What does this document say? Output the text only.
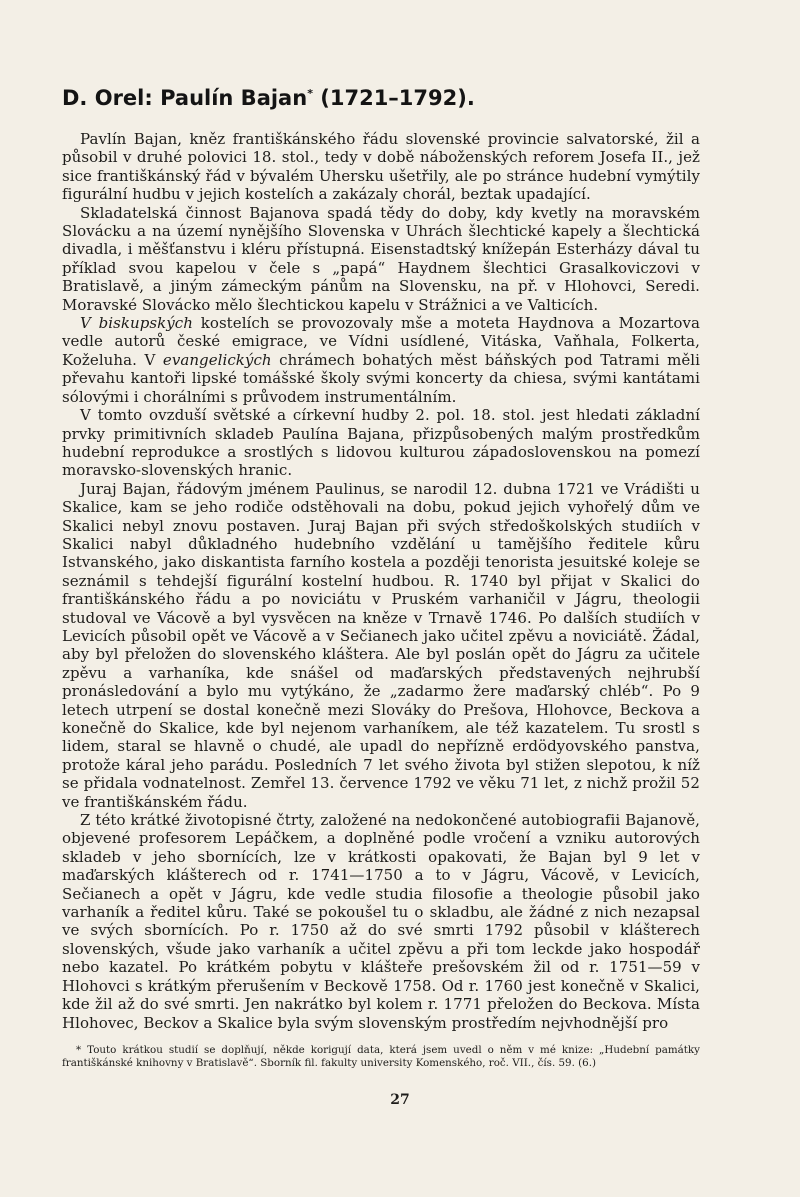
D. Orel: Paulín Bajan* (1721–1792).

Pavlín Bajan, kněz františkánského řádu slovenské provincie salvatorské, žil a působil v druhé polovici 18. stol., tedy v době náboženských reforem Josefa II., jež sice františkánský řád v bývalém Uhersku ušetřily, ale po stránce hudební vymýtily figurální hudbu v jejich kostelích a zakázaly chorál, beztak upadající.

Skladatelská činnost Bajanova spadá tědy do doby, kdy kvetly na moravském Slovácku a na území nynějšího Slovenska v Uhrách šlechtické kapely a šlechtická divadla, i měšťanstvu i kléru přístupná. Eisenstadtský knížepán Esterházy dával tu příklad svou kapelou v čele s „papá“ Haydnem šlechtici Grasalkoviczovi v Bratislavě, a jiným zámeckým pánům na Slovensku, na př. v Hlohovci, Seredi. Moravské Slovácko mělo šlechtickou kapelu v Strážnici a ve Valticích.

V biskupských kostelích se provozovaly mše a moteta Haydnova a Mozartova vedle autorů české emigrace, ve Vídni usídlené, Vitáska, Vaňhala, Folkerta, Koželuha. V evangelických chrámech bohatých měst báňských pod Tatrami měli převahu kantoři lipské tomášské školy svými koncerty da chiesa, svými kantátami sólovými i chorálními s průvodem instrumentálním.

V tomto ovzduší světské a církevní hudby 2. pol. 18. stol. jest hledati základní prvky primitivních skladeb Paulína Bajana, přizpůsobených malým prostředkům hudební reprodukce a srostlých s lidovou kulturou západoslovenskou na pomezí moravsko-slovenských hranic.

Juraj Bajan, řádovým jménem Paulinus, se narodil 12. dubna 1721 ve Vrádišti u Skalice, kam se jeho rodiče odstěhovali na dobu, pokud jejich vyhořelý dům ve Skalici nebyl znovu postaven. Juraj Bajan při svých středoškolských studiích v Skalici nabyl důkladného hudebního vzdělání u tamějšího ředitele kůru Istvanského, jako diskantista farního kostela a později tenorista jesuitské koleje se seznámil s tehdejší figurální kostelní hudbou. R. 1740 byl přijat v Skalici do františkánského řádu a po noviciátu v Pruském varhaničil v Jágru, theologii studoval ve Vácově a byl vysvěcen na kněze v Trnavě 1746. Po dalších studiích v Levicích působil opět ve Vácově a v Sečianech jako učitel zpěvu a noviciátě. Žádal, aby byl přeložen do slovenského kláštera. Ale byl poslán opět do Jágru za učitele zpěvu a varhaníka, kde snášel od maďarských představených nejhrubší pronásledování a bylo mu vytýkáno, že „zadarmo žere maďarský chléb“. Po 9 letech utrpení se dostal konečně mezi Slováky do Prešova, Hlohovce, Beckova a konečně do Skalice, kde byl nejenom varhaníkem, ale též kazatelem. Tu srostl s lidem, staral se hlavně o chudé, ale upadl do nepřízně erdödyovského panstva, protože káral jeho parádu. Posledních 7 let svého života byl stižen slepotou, k níž se přidala vodnatelnost. Zemřel 13. července 1792 ve věku 71 let, z nichž prožil 52 ve františkánském řádu.

Z této krátké životopisné čtrty, založené na nedokončené autobiografii Bajanově, objevené profesorem Lepáčkem, a doplněné podle vročení a vzniku autorových skladeb v jeho sbornících, lze v krátkosti opakovati, že Bajan byl 9 let v maďarských klášterech od r. 1741—1750 a to v Jágru, Vácově, v Levicích, Sečianech a opět v Jágru, kde vedle studia filosofie a theologie působil jako varhaník a ředitel kůru. Také se pokoušel tu o skladbu, ale žádné z nich nezapsal ve svých sbornících. Po r. 1750 až do své smrti 1792 působil v klášterech slovenských, všude jako varhaník a učitel zpěvu a při tom leckde jako hospodář nebo kazatel. Po krátkém pobytu v klášteře prešovském žil od r. 1751—59 v Hlohovci s krátkým přerušením v Beckově 1758. Od r. 1760 jest konečně v Skalici, kde žil až do své smrti. Jen nakrátko byl kolem r. 1771 přeložen do Beckova. Místa Hlohovec, Beckov a Skalice byla svým slovenským prostředím nejvhodnější pro

* Touto krátkou studií se doplňují, někde korigují data, která jsem uvedl o něm v mé knize: „Hudební památky františkánské knihovny v Bratislavě“. Sborník fil. fakulty university Komenského, roč. VII., čís. 59. (6.)
27
